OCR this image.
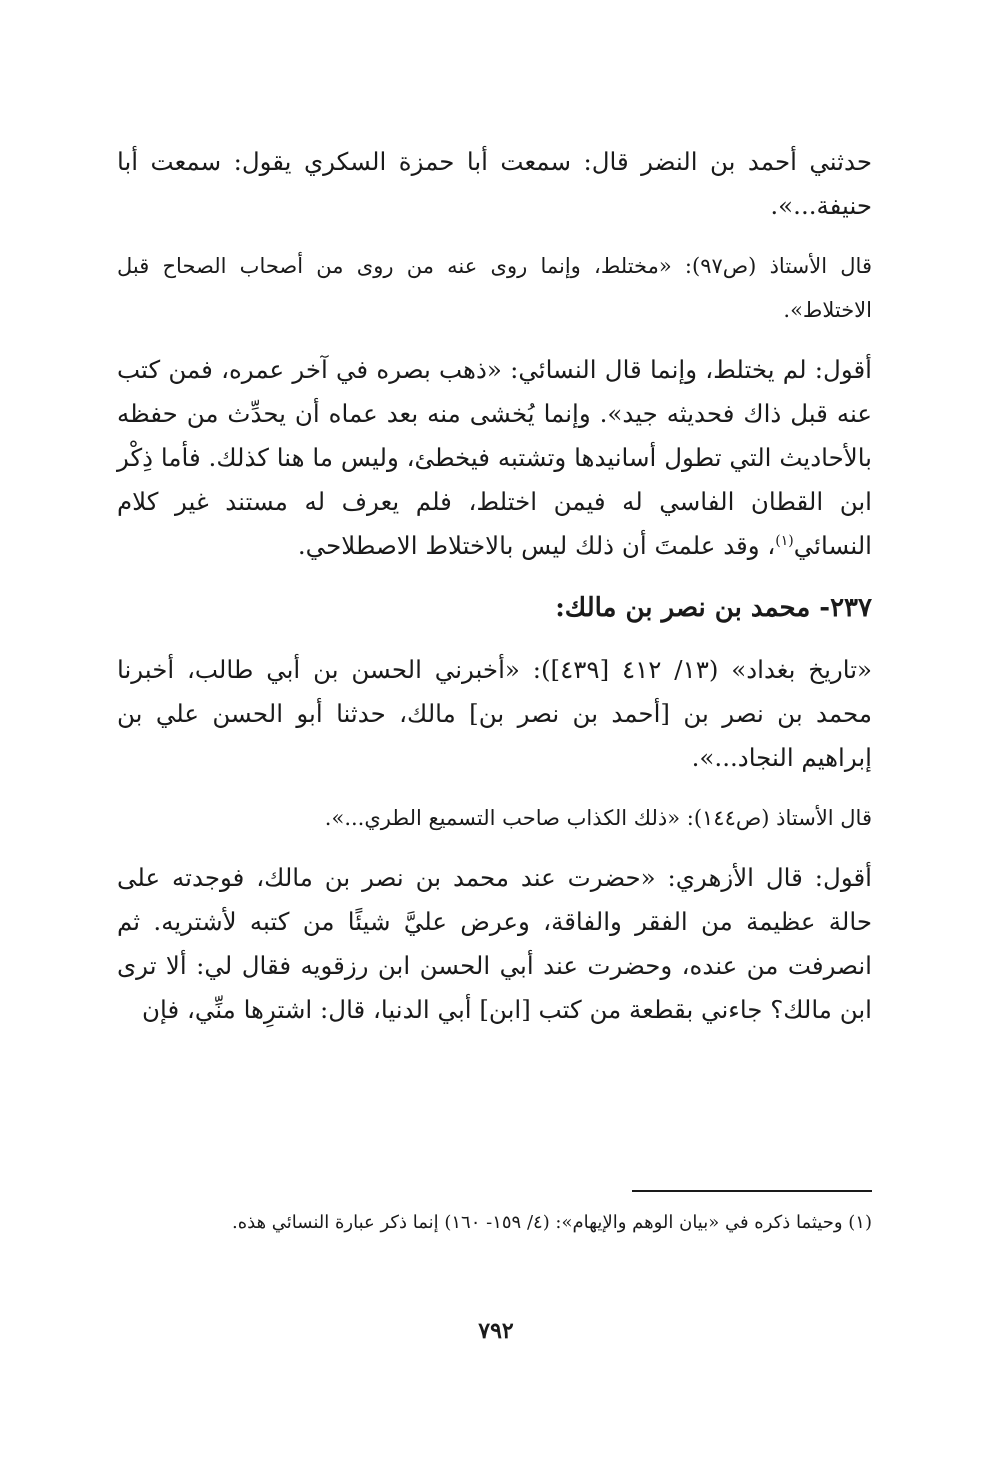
حدثني أحمد بن النضر قال: سمعت أبا حمزة السكري يقول: سمعت أبا حنيفة...».

قال الأستاذ (ص٩٧): «مختلط، وإنما روى عنه من روى من أصحاب الصحاح قبل الاختلاط».

أقول: لم يختلط، وإنما قال النسائي: «ذهب بصره في آخر عمره، فمن كتب عنه قبل ذاك فحديثه جيد». وإنما يُخشى منه بعد عماه أن يحدِّث من حفظه بالأحاديث التي تطول أسانيدها وتشتبه فيخطئ، وليس ما هنا كذلك. فأما ذِكْر ابن القطان الفاسي له فيمن اختلط، فلم يعرف له مستند غير كلام النسائي$^{(١)}$، وقد علمتَ أن ذلك ليس بالاختلاط الاصطلاحي.

٢٣٧- محمد بن نصر بن مالك:

«تاريخ بغداد» (١٣/ ٤١٢ [٤٣٩]): «أخبرني الحسن بن أبي طالب، أخبرنا محمد بن نصر بن [أحمد بن نصر بن] مالك، حدثنا أبو الحسن علي بن إبراهيم النجاد...».

قال الأستاذ (ص١٤٤): «ذلك الكذاب صاحب التسميع الطري...».

أقول: قال الأزهري: «حضرت عند محمد بن نصر بن مالك، فوجدته على حالة عظيمة من الفقر والفاقة، وعرض عليَّ شيئًا من كتبه لأشتريه. ثم انصرفت من عنده، وحضرت عند أبي الحسن ابن رزقويه فقال لي: ألا ترى ابن مالك؟ جاءني بقطعة من كتب [ابن] أبي الدنيا، قال: اشترِها منِّي، فإن

(١) وحيثما ذكره في «بيان الوهم والإيهام»: (٤/ ١٥٩- ١٦٠) إنما ذكر عبارة النسائي هذه.
٧٩٢
